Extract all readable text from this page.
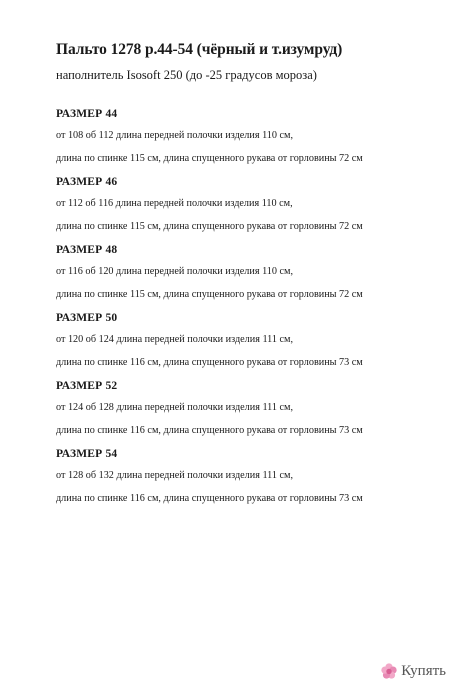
Пальто 1278 р.44-54 (чёрный и т.изумруд)

наполнитель Isosoft 250 (до -25 градусов мороза)

РАЗМЕР 44
от 108 об 112 длина передней полочки изделия 110 см,
длина по спинке 115 см, длина спущенного рукава от горловины 72 см
РАЗМЕР 46
от 112 об 116 длина передней полочки изделия 110 см,
длина по спинке 115 см, длина спущенного рукава от горловины 72 см
РАЗМЕР 48
от 116 об 120 длина передней полочки изделия 110 см,
длина по спинке 115 см, длина спущенного рукава от горловины 72 см
РАЗМЕР 50
от 120 об 124 длина передней полочки изделия 111 см,
длина по спинке 116 см, длина спущенного рукава от горловины 73 см
РАЗМЕР 52
от 124 об 128 длина передней полочки изделия 111 см,
длина по спинке 116 см, длина спущенного рукава от горловины 73 см
РАЗМЕР 54
от 128 об 132 длина передней полочки изделия 111 см,
длина по спинке 116 см, длина спущенного рукава от горловины 73 см
Купять
